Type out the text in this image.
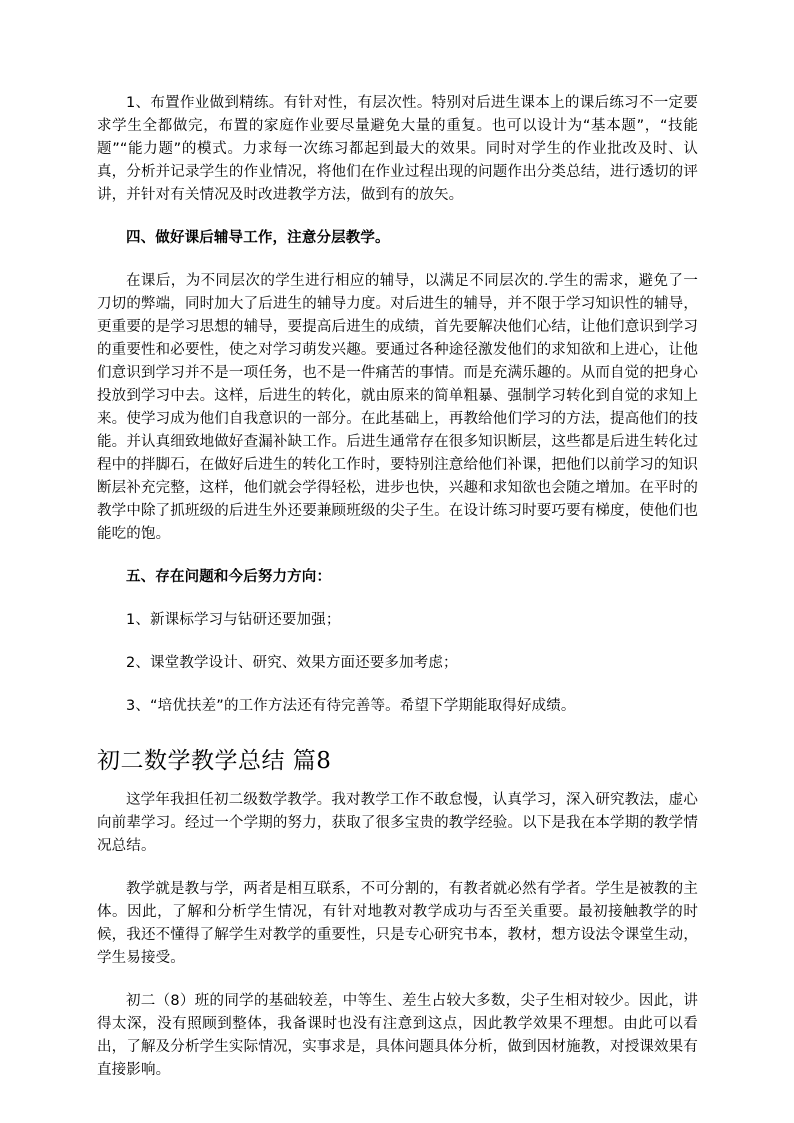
1、布置作业做到精练。有针对性，有层次性。特别对后进生课本上的课后练习不一定要求学生全都做完，布置的家庭作业要尽量避免大量的重复。也可以设计为“基本题”，“技能题”“能力题”的模式。力求每一次练习都起到最大的效果。同时对学生的作业批改及时、认真，分析并记录学生的作业情况，将他们在作业过程出现的问题作出分类总结，进行透切的评讲，并针对有关情况及时改进教学方法，做到有的放矢。

四、做好课后辅导工作，注意分层教学。

在课后，为不同层次的学生进行相应的辅导，以满足不同层次的.学生的需求，避免了一刀切的弊端，同时加大了后进生的辅导力度。对后进生的辅导，并不限于学习知识性的辅导，更重要的是学习思想的辅导，要提高后进生的成绩，首先要解决他们心结，让他们意识到学习的重要性和必要性，使之对学习萌发兴趣。要通过各种途径激发他们的求知欲和上进心，让他们意识到学习并不是一项任务，也不是一件痛苦的事情。而是充满乐趣的。从而自觉的把身心投放到学习中去。这样，后进生的转化，就由原来的简单粗暴、强制学习转化到自觉的求知上来。使学习成为他们自我意识的一部分。在此基础上，再教给他们学习的方法，提高他们的技能。并认真细致地做好查漏补缺工作。后进生通常存在很多知识断层，这些都是后进生转化过程中的拌脚石，在做好后进生的转化工作时，要特别注意给他们补课，把他们以前学习的知识断层补充完整，这样，他们就会学得轻松，进步也快，兴趣和求知欲也会随之增加。在平时的教学中除了抓班级的后进生外还要兼顾班级的尖子生。在设计练习时要巧要有梯度，使他们也能吃的饱。

五、存在问题和今后努力方向：

1、新课标学习与钻研还要加强；

2、课堂教学设计、研究、效果方面还要多加考虑；

3、“培优扶差”的工作方法还有待完善等。希望下学期能取得好成绩。

初二数学教学总结 篇8

这学年我担任初二级数学教学。我对教学工作不敢怠慢，认真学习，深入研究教法，虚心向前辈学习。经过一个学期的努力，获取了很多宝贵的教学经验。以下是我在本学期的教学情况总结。

教学就是教与学，两者是相互联系，不可分割的，有教者就必然有学者。学生是被教的主体。因此，了解和分析学生情况，有针对地教对教学成功与否至关重要。最初接触教学的时候，我还不懂得了解学生对教学的重要性，只是专心研究书本，教材，想方设法令课堂生动，学生易接受。

初二（8）班的同学的基础较差，中等生、差生占较大多数，尖子生相对较少。因此，讲得太深，没有照顾到整体，我备课时也没有注意到这点，因此教学效果不理想。由此可以看出，了解及分析学生实际情况，实事求是，具体问题具体分析，做到因材施教，对授课效果有直接影响。
